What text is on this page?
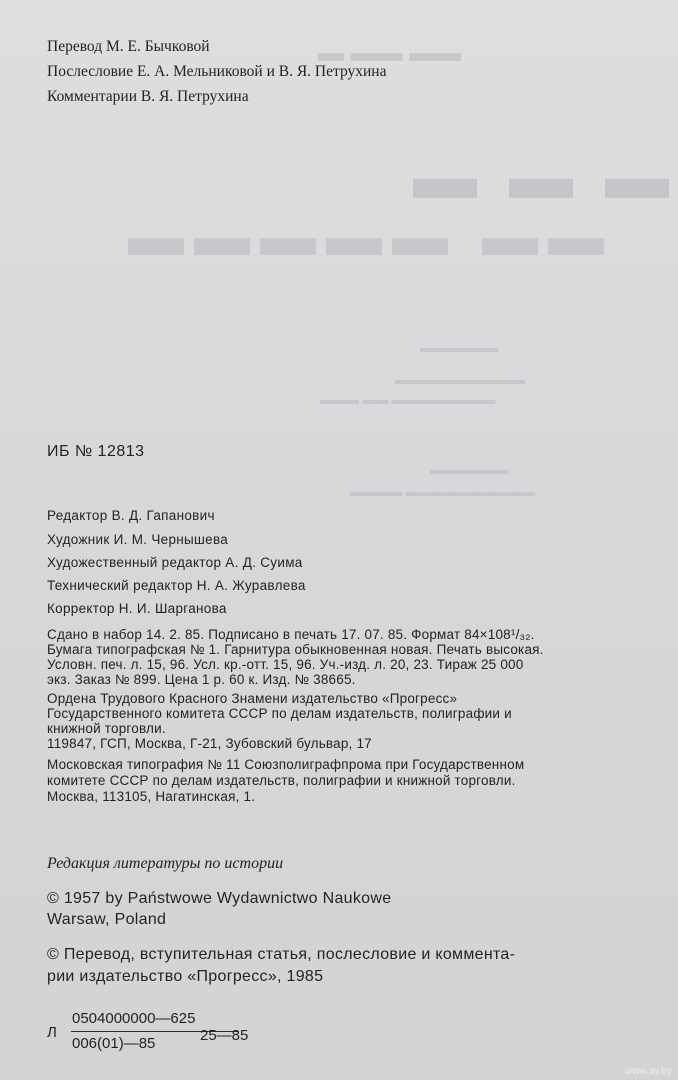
▬▬ ▬▬ ▬
▬ ▬ ▬
▬▬ ▬▬▬▬▬
▬▬▬▬▬▬
▬▬▬▬▬▬▬▬▬▬
▬▬▬▬▬▬▬▬ ▬▬ ▬▬▬
▬▬▬▬▬▬
▬▬▬▬▬▬▬▬▬▬ ▬▬▬▬
Перевод М. Е. Бычковой
Послесловие Е. А. Мельниковой и В. Я. Петрухина
Комментарии В. Я. Петрухина
ИБ № 12813
Редактор В. Д. Гапанович
Художник И. М. Чернышева
Художественный редактор А. Д. Суима
Технический редактор Н. А. Журавлева
Корректор Н. И. Шарганова
Сдано в набор 14. 2. 85. Подписано в печать 17. 07. 85. Формат 84×108¹/₃₂.
Бумага типографская № 1. Гарнитура обыкновенная новая. Печать высокая.
Условн. печ. л. 15, 96. Усл. кр.-отт. 15, 96. Уч.-изд. л. 20, 23. Тираж 25 000
экз. Заказ № 899. Цена 1 р. 60 к. Изд. № 38665.
Ордена Трудового Красного Знамени издательство «Прогресс»
Государственного комитета СССР по делам издательств, полиграфии и
книжной торговли.
119847, ГСП, Москва, Г-21, Зубовский бульвар, 17
Московская типография № 11 Союзполиграфпрома при Государственном
комитете СССР по делам издательств, полиграфии и книжной торговли.
Москва, 113105, Нагатинская, 1.
Редакция литературы по истории
© 1957 by Państwowe Wydawnictwo Naukowe
Warsaw, Poland
© Перевод, вступительная статья, послесловие и коммента-
рии издательство «Прогресс», 1985
Л
0504000000—625
006(01)—85	25—85
www.ay.by
